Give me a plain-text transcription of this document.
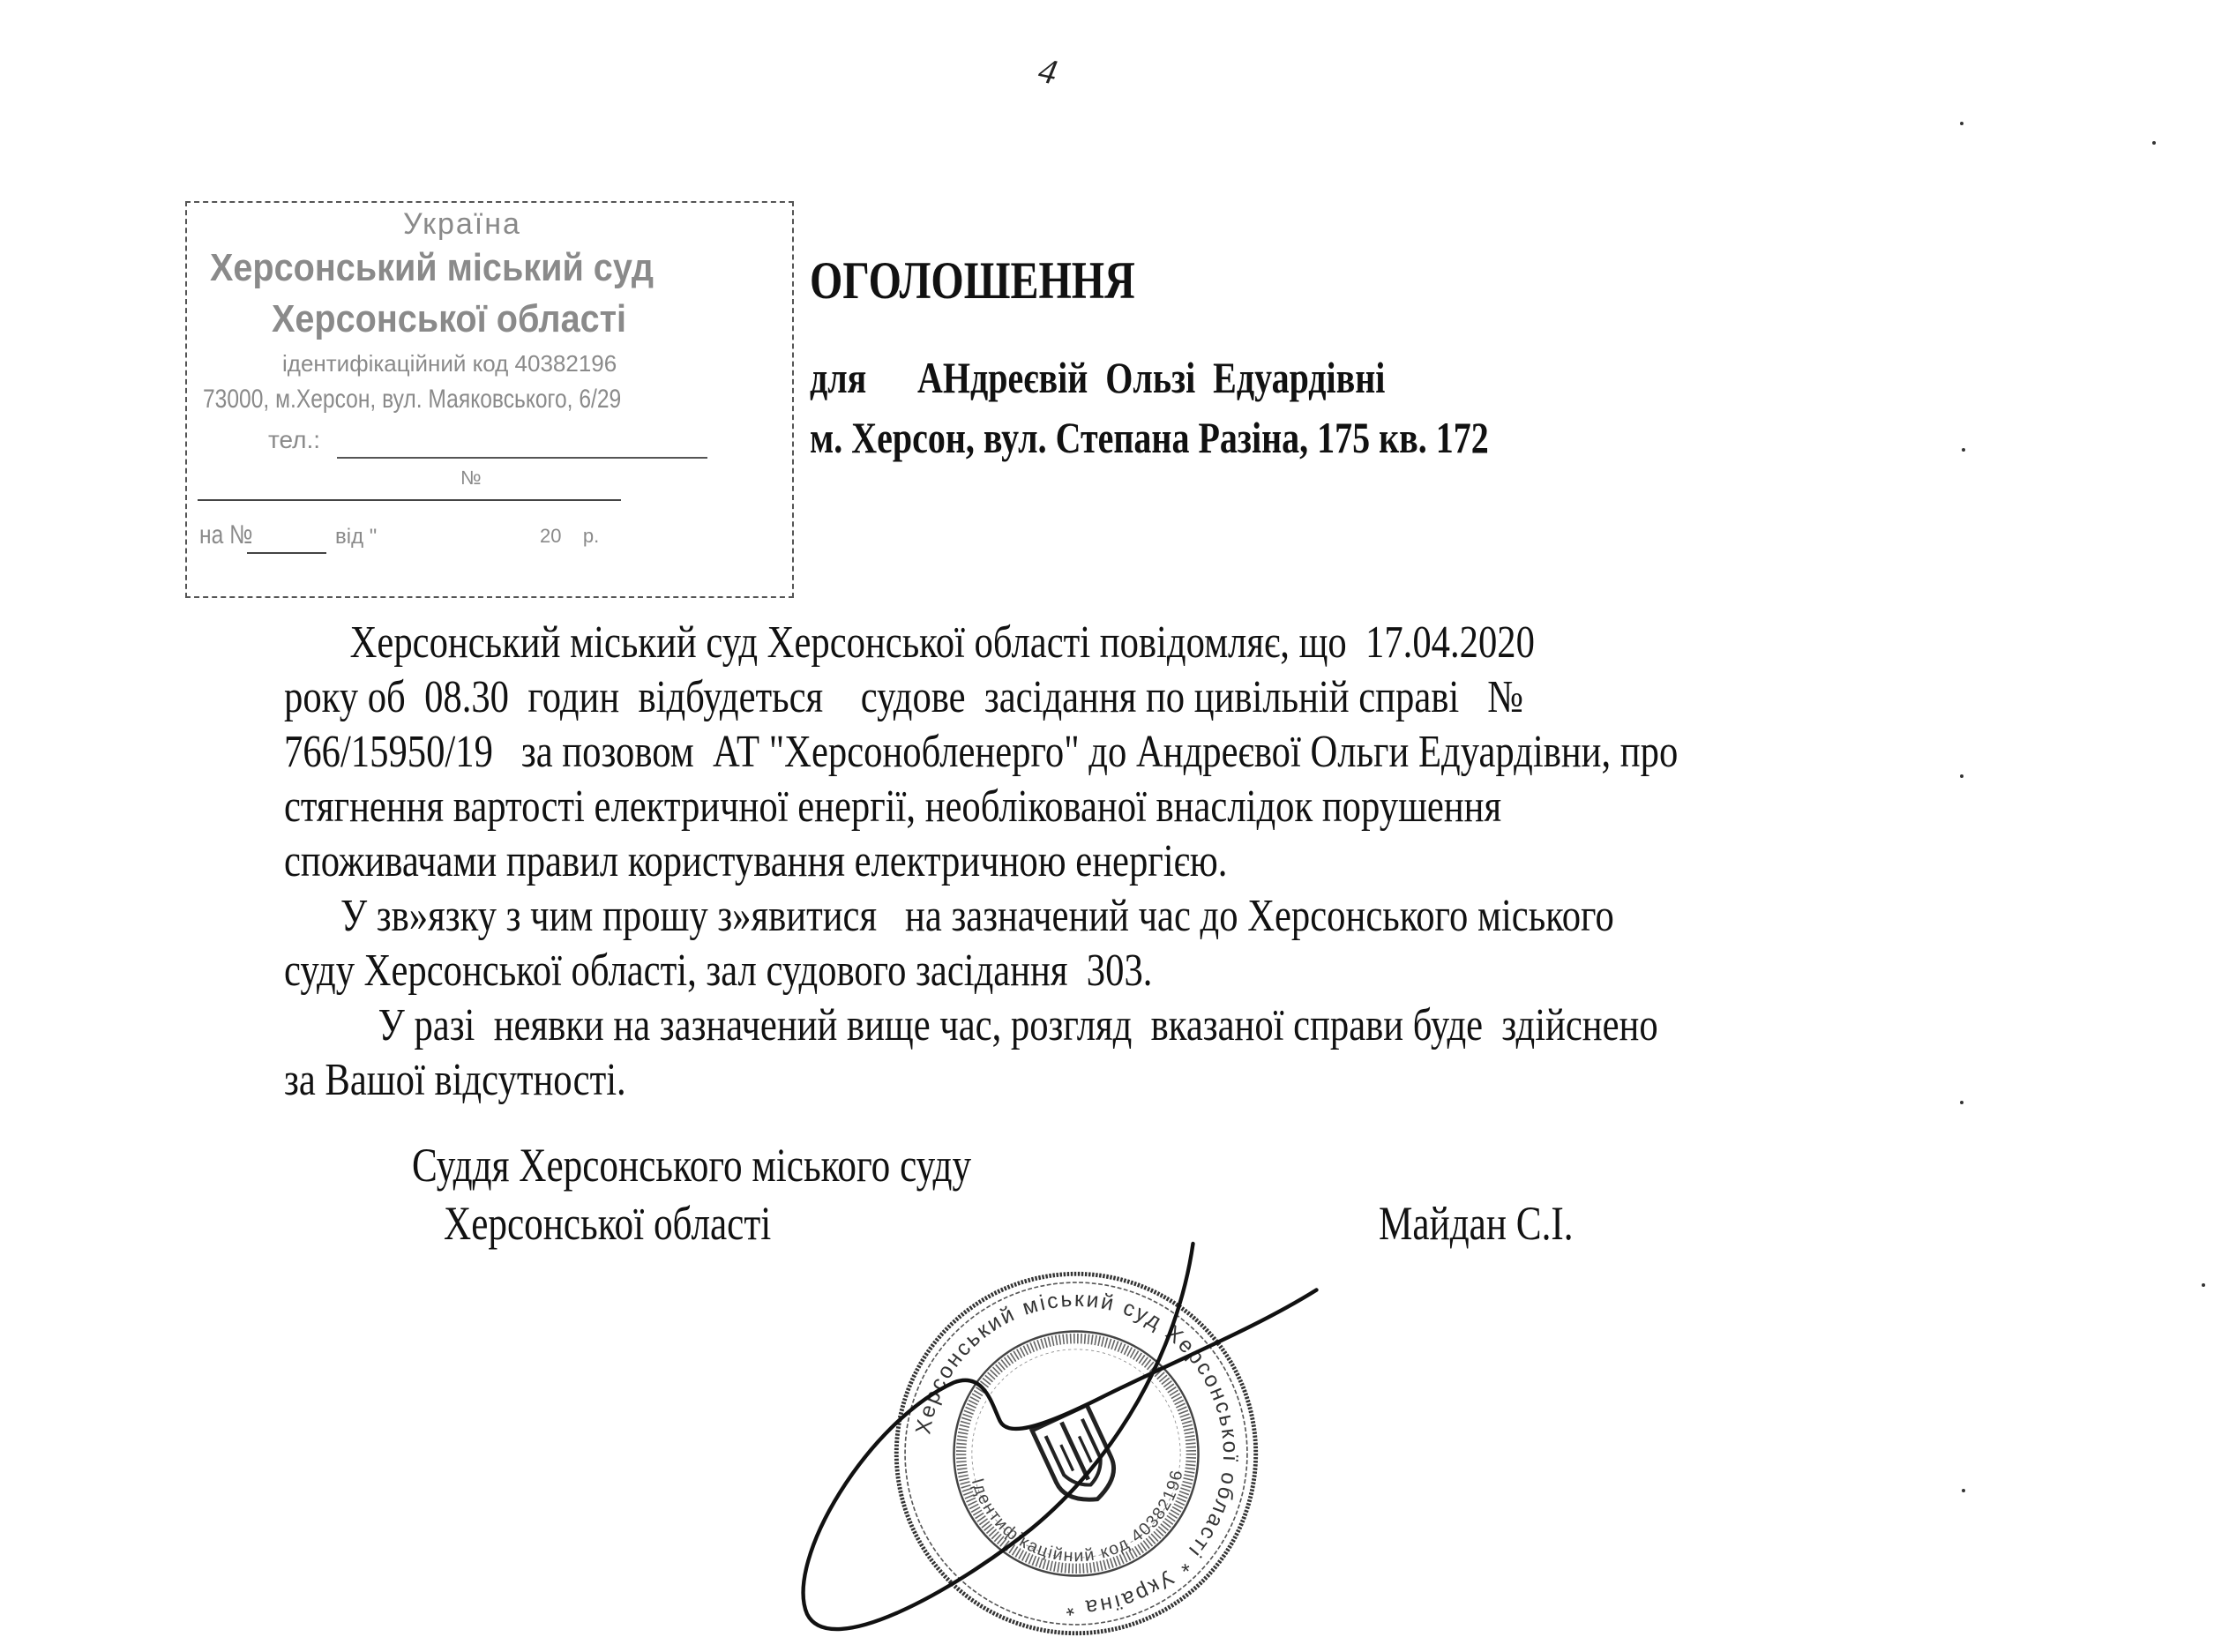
4
Україна
Херсонський міський суд
Херсонської області
ідентифікаційний код 40382196
73000, м.Херсон, вул. Маяковського, 6/29
тел.:
№
на №	від "	20    р.
ОГОЛОШЕННЯ
для АНдреєвій  Ользі  Едуардівні
м. Херсон, вул. Степана Разіна, 175 кв. 172
Херсонський міський суд Херсонської області повідомляє, що  17.04.2020
року об  08.30  годин  відбудеться    судове  засідання по цивільній справі   №
766/15950/19   за позовом  АТ "Херсонобленерго" до Андреєвої Ольги Едуардівни, про
стягнення вартості електричної енергії, необлікованої внаслідок порушення
споживачами правил користування електричною енергією.
У зв»язку з чим прошу з»явитися   на зазначений час до Херсонського міського
суду Херсонської області, зал судового засідання  303.
У разі  неявки на зазначений вище час, розгляд  вказаної справи буде  здійснено
за Вашої відсутності.
Суддя Херсонського міського суду
Херсонської області	Майдан С.І.
Херсонський міський суд Херсонської області * Україна *
Ідентифікаційний код 40382196
